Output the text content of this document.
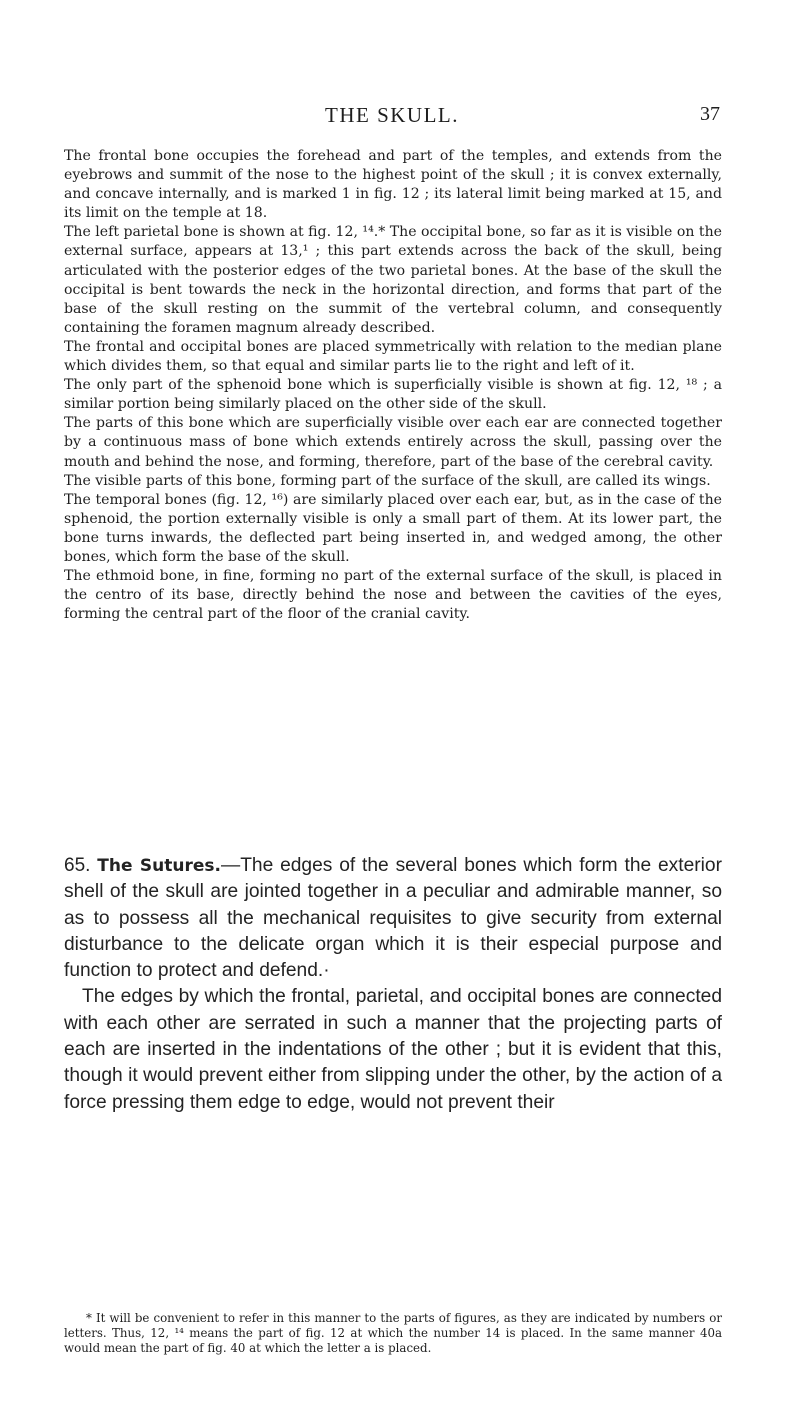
THE SKULL.	37

The frontal bone occupies the forehead and part of the temples, and extends from the eyebrows and summit of the nose to the highest point of the skull ; it is convex externally, and concave internally, and is marked 1 in fig. 12 ; its lateral limit being marked at 15, and its limit on the temple at 18.

The left parietal bone is shown at fig. 12, ¹⁴.* The occipital bone, so far as it is visible on the external surface, appears at 13,¹ ; this part extends across the back of the skull, being articulated with the posterior edges of the two parietal bones. At the base of the skull the occipital is bent towards the neck in the horizontal direction, and forms that part of the base of the skull resting on the summit of the vertebral column, and consequently containing the foramen magnum already described.

The frontal and occipital bones are placed symmetrically with relation to the median plane which divides them, so that equal and similar parts lie to the right and left of it.

The only part of the sphenoid bone which is superficially visible is shown at fig. 12, ¹⁸ ; a similar portion being similarly placed on the other side of the skull.

The parts of this bone which are superficially visible over each ear are connected together by a continuous mass of bone which extends entirely across the skull, passing over the mouth and behind the nose, and forming, therefore, part of the base of the cerebral cavity.

The visible parts of this bone, forming part of the surface of the skull, are called its wings.

The temporal bones (fig. 12, ¹⁶) are similarly placed over each ear, but, as in the case of the sphenoid, the portion externally visible is only a small part of them. At its lower part, the bone turns inwards, the deflected part being inserted in, and wedged among, the other bones, which form the base of the skull.

The ethmoid bone, in fine, forming no part of the external surface of the skull, is placed in the centro of its base, directly behind the nose and between the cavities of the eyes, forming the central part of the floor of the cranial cavity.

65. The Sutures.—The edges of the several bones which form the exterior shell of the skull are jointed together in a peculiar and admirable manner, so as to possess all the mechanical requisites to give security from external disturbance to the delicate organ which it is their especial purpose and function to protect and defend.·

The edges by which the frontal, parietal, and occipital bones are connected with each other are serrated in such a manner that the projecting parts of each are inserted in the indentations of the other ; but it is evident that this, though it would prevent either from slipping under the other, by the action of a force pressing them edge to edge, would not prevent their

* It will be convenient to refer in this manner to the parts of figures, as they are indicated by numbers or letters. Thus, 12, ¹⁴ means the part of fig. 12 at which the number 14 is placed. In the same manner 40a would mean the part of fig. 40 at which the letter a is placed.
